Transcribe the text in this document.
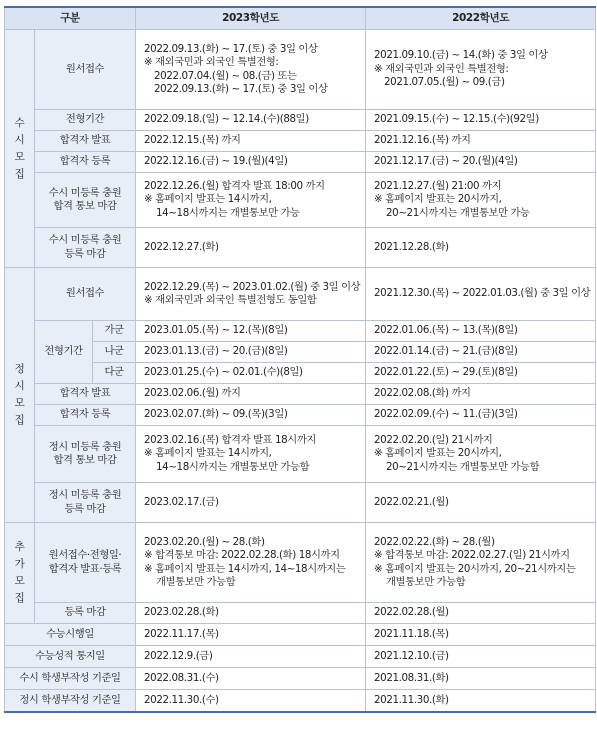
구분			2023학년도	2022학년도

수시모집	원서접수		2022.09.13.(화) ~ 17.(토) 중 3일 이상
※ 재외국민과 외국인 특별전형:
2022.07.04.(월) ~ 08.(금) 또는
2022.09.13.(화) ~ 17.(토) 중 3일 이상	2021.09.10.(금) ~ 14.(화) 중 3일 이상
※ 재외국민과 외국인 특별전형:
2021.07.05.(월) ~ 09.(금)

	전형기간		2022.09.18.(일) ~ 12.14.(수)(88일)	2021.09.15.(수) ~ 12.15.(수)(92일)
	합격자 발표		2022.12.15.(목) 까지	2021.12.16.(목) 까지
	합격자 등록		2022.12.16.(금) ~ 19.(월)(4일)	2021.12.17.(금) ~ 20.(월)(4일)

	수시 미등록 충원
합격 통보 마감		2022.12.26.(월) 합격자 발표 18:00 까지
※ 홈페이지 발표는 14시까지,
14~18시까지는 개별통보만 가능	2021.12.27.(월) 21:00 까지
※ 홈페이지 발표는 20시까지,
20~21시까지는 개별통보만 가능

	수시 미등록 충원
등록 마감		2022.12.27.(화)	2021.12.28.(화)

정시모집	원서접수		2022.12.29.(목) ~ 2023.01.02.(월) 중 3일 이상
※ 재외국민과 외국인 특별전형도 동일함	2021.12.30.(목) ~ 2022.01.03.(월) 중 3일 이상
	전형기간	가군	2023.01.05.(목) ~ 12.(목)(8일)	2022.01.06.(목) ~ 13.(목)(8일)
		나군	2023.01.13.(금) ~ 20.(금)(8일)	2022.01.14.(금) ~ 21.(금)(8일)
		다군	2023.01.25.(수) ~ 02.01.(수)(8일)	2022.01.22.(토) ~ 29.(토)(8일)
	합격자 발표		2023.02.06.(월) 까지	2022.02.08.(화) 까지
	합격자 등록		2023.02.07.(화) ~ 09.(목)(3일)	2022.02.09.(수) ~ 11.(금)(3일)

	정시 미등록 충원
합격 통보 마감		2023.02.16.(목) 합격자 발표 18시까지
※ 홈페이지 발표는 14시까지,
14~18시까지는 개별통보만 가능함	2022.02.20.(일) 21시까지
※ 홈페이지 발표는 20시까지,
20~21시까지는 개별통보만 가능함

	정시 미등록 충원
등록 마감		2023.02.17.(금)	2022.02.21.(월)

추가모집	원서접수·전형일·
합격자 발표·등록		2023.02.20.(월) ~ 28.(화)
※ 합격통보 마감: 2022.02.28.(화) 18시까지
※ 홈페이지 발표는 14시까지, 14~18시까지는
개별통보만 가능함	2022.02.22.(화) ~ 28.(월)
※ 합격통보 마감: 2022.02.27.(일) 21시까지
※ 홈페이지 발표는 20시까지, 20~21시까지는
개별통보만 가능함

	등록 마감		2023.02.28.(화)	2022.02.28.(월)
수능시행일			2022.11.17.(목)	2021.11.18.(목)
수능성적 통지일			2022.12.9.(금)	2021.12.10.(금)
수시 학생부작성 기준일			2022.08.31.(수)	2021.08.31.(화)
정시 학생부작성 기준일			2022.11.30.(수)	2021.11.30.(화)
